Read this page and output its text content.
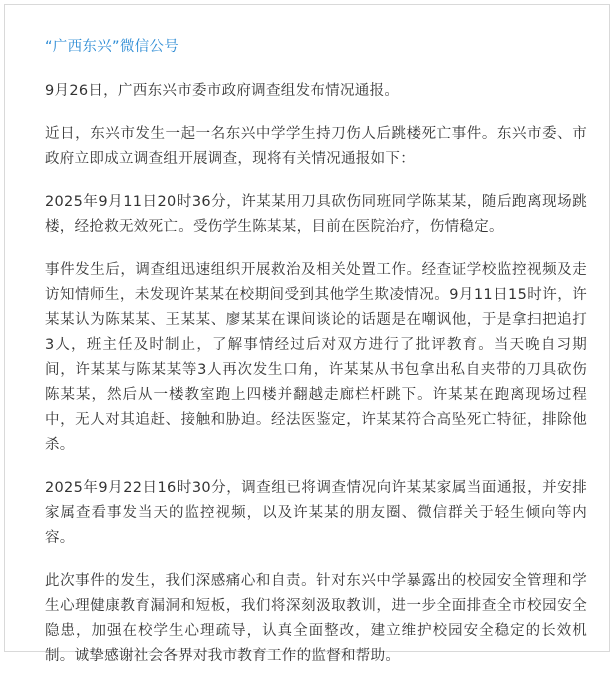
“广西东兴”微信公号

9月26日，广西东兴市委市政府调查组发布情况通报。

近日，东兴市发生一起一名东兴中学学生持刀伤人后跳楼死亡事件。东兴市委、市政府立即成立调查组开展调查，现将有关情况通报如下：

2025年9月11日20时36分，许某某用刀具砍伤同班同学陈某某，随后跑离现场跳楼，经抢救无效死亡。受伤学生陈某某，目前在医院治疗，伤情稳定。

事件发生后，调查组迅速组织开展救治及相关处置工作。经查证学校监控视频及走访知情师生，未发现许某某在校期间受到其他学生欺凌情况。9月11日15时许，许某某认为陈某某、王某某、廖某某在课间谈论的话题是在嘲讽他，于是拿扫把追打3人，班主任及时制止，了解事情经过后对双方进行了批评教育。当天晚自习期间，许某某与陈某某等3人再次发生口角，许某某从书包拿出私自夹带的刀具砍伤陈某某，然后从一楼教室跑上四楼并翻越走廊栏杆跳下。许某某在跑离现场过程中，无人对其追赶、接触和胁迫。经法医鉴定，许某某符合高坠死亡特征，排除他杀。

2025年9月22日16时30分，调查组已将调查情况向许某某家属当面通报，并安排家属查看事发当天的监控视频，以及许某某的朋友圈、微信群关于轻生倾向等内容。

此次事件的发生，我们深感痛心和自责。针对东兴中学暴露出的校园安全管理和学生心理健康教育漏洞和短板，我们将深刻汲取教训，进一步全面排查全市校园安全隐患，加强在校学生心理疏导，认真全面整改，建立维护校园安全稳定的长效机制。诚挚感谢社会各界对我市教育工作的监督和帮助。
